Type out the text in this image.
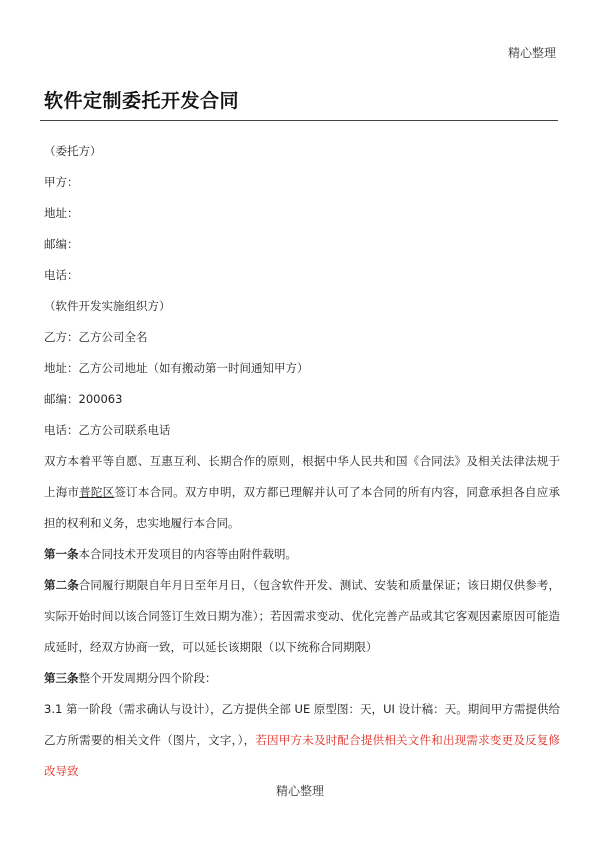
精心整理
软件定制委托开发合同
（委托方）
甲方：
地址：
邮编：
电话：
（软件开发实施组织方）
乙方：乙方公司全名
地址：乙方公司地址（如有搬动第一时间通知甲方）
邮编：200063
电话：乙方公司联系电话
双方本着平等自愿、互惠互利、长期合作的原则，根据中华人民共和国《合同法》及相关法律法规于上海市普陀区签订本合同。双方申明，双方都已理解并认可了本合同的所有内容，同意承担各自应承担的权利和义务，忠实地履行本合同。
第一条本合同技术开发项目的内容等由附件载明。
第二条合同履行期限自年月日至年月日，（包含软件开发、测试、安装和质量保证；该日期仅供参考，实际开始时间以该合同签订生效日期为准）；若因需求变动、优化完善产品或其它客观因素原因可能造成延时，经双方协商一致，可以延长该期限（以下统称合同期限）
第三条整个开发周期分四个阶段：
3.1 第一阶段（需求确认与设计），乙方提供全部 UE 原型图：天，UI 设计稿：天。期间甲方需提供给乙方所需要的相关文件（图片，文字，），若因甲方未及时配合提供相关文件和出现需求变更及反复修改导致
精心整理
